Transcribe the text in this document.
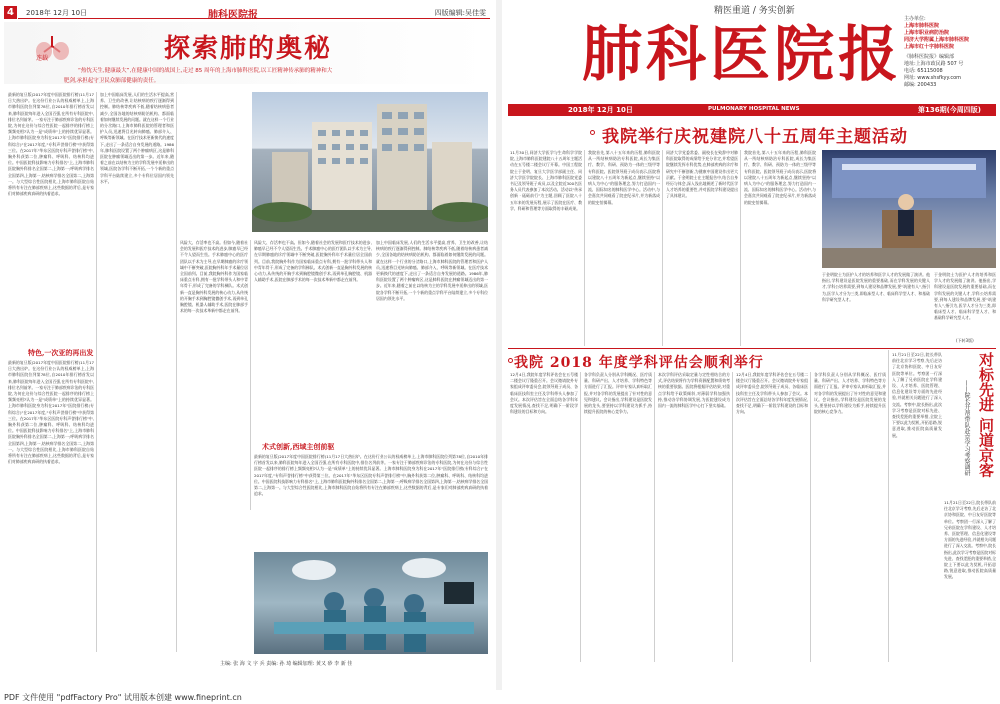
4	2018年 12月 10日	肺科医院报	四版编辑:吴佳雯
连载	探索肺的奥秘
“热忱天生,健康最大”,在健康中国的战国上,走过 85 周年的上海市肺科医院,以工匠精神传承肺的精神和大
肥剑,承担起守卫民众肺部健康的责任。
最新的复旦版(2017年度中国医院排行榜)11月17日大热出炉。在这份行业公认的权威榜单上,上海市肺科医院位列第78位,自2010年排行榜首发以来,肺科医院每年进入全国百强,在所有专科医院中,排位名列前茅。一家专注于肺部疾病诊治的专科医院,为何在这份与综合性医院一起排序的排行榜上频频亮相?认为一是"成绩单"上的持续优异显著。上海市肺科医院身为科在2017年"医院排行榜(专科综合)"在2017年度,"专科声誉排行榜"中获得第三位。在2017年"华东区医院专科声誉排行榜"中,胸外科获第二位,肿瘤科、呼吸科、结核科均进位。中国医院科技影响力专科排名"上,上海市肺科医院胸外科排名全国第二,上海第一;呼吸病学排名全国第四,上海第一,结核病学排名全国第二,上海第一。与大型综合性医院相比,上海市肺科医院自始将所有专注在肺部疾病上,这些数据的背后,是专家们对肺部疾病真研的执着追求。
特色,一次亚的再出发
最新的复旦版(2017年度中国医院排行榜)11月17日大热出炉。在这份行业公认的权威榜单上,上海市肺科医院位列第78位,自2010年排行榜首发以来,肺科医院每年进入全国百强,在所有专科医院中,排位名列前茅。一家专注于肺部疾病诊治的专科医院,为何在这份与综合性医院一起排序的排行榜上频频亮相?认为一是"成绩单"上的持续优异显著。上海市肺科医院身为科在2017年"医院排行榜(专科综合)"在2017年度,"专科声誉排行榜"中获得第三位。在2017年"华东区医院专科声誉排行榜"中,胸外科获第二位,肿瘤科、呼吸科、结核科均进位。中国医院科技影响力专科排名"上,上海市肺科医院胸外科排名全国第二,上海第一;呼吸病学排名全国第四,上海第一,结核病学排名全国第二,上海第一。与大型综合性医院相比,上海市肺科医院自始将所有专注在肺部疾病上,这些数据的背后,是专家们对肺部疾病真研的执着追求。
加上中国临床发展,人们的生活水平提高,营养、卫生的改善,让结核病的疾行逐渐得到控制。肺结核等疾病不低,随着结核病患者减少,全国各地的结核病防治机构、都面临着如何继续发展的问题。就在这样一个行业的分岔路口,上海市肺科医院的管理者和医护人员,迅速将目光转向肺癌、肺部介入、呼吸等新领域。在医疗技术更新换代的速度下,走出了一条适合自身发展的道路。1986年,肺科医院设置了两个肿瘤病区,这是肺科医院在肿瘤领域迈出的第一步。近年来,随着之前在以结核为主的学科发展中延伸出的领域,医院各学科不断开拓,一个个新的重点学科平台陆续建立,多个专科位居国内领先水平。
风险大、存活率也不高。但如今,随着社会的发展和医疗技术的进步,肺癌早已经不令人望而生畏。手术肺癌中心的医疗团队以手术为主导,在早期肺癌的诊疗领域中不断突破,医院胸外科年手术量位居全国前列。目前,我院胸外科作为国家临床重点专科,拥有一批学科带头人和中青年骨干,形成了完备的学科梯队。术式创新一直是胸外科发展的核心动力,从传统的开胸手术到胸腔镜微创手术,再到单孔胸腔镜、机器人辅助手术,医院在肺部手术的每一次技术革新中都走在前列。
风险大、存活率也不高。但如今,随着社会的发展和医疗技术的进步,肺癌早已经不令人望而生畏。手术肺癌中心的医疗团队以手术为主导,在早期肺癌的诊疗领域中不断突破,医院胸外科年手术量位居全国前列。目前,我院胸外科作为国家临床重点专科,拥有一批学科带头人和中青年骨干,形成了完备的学科梯队。术式创新一直是胸外科发展的核心动力,从传统的开胸手术到胸腔镜微创手术,再到单孔胸腔镜、机器人辅助手术,医院在肺部手术的每一次技术革新中都走在前列。
加上中国临床发展,人们的生活水平提高,营养、卫生的改善,让结核病的疾行逐渐得到控制。肺结核等疾病不低,随着结核病患者减少,全国各地的结核病防治机构、都面临着如何继续发展的问题。就在这样一个行业的分岔路口,上海市肺科医院的管理者和医护人员,迅速将目光转向肺癌、肺部介入、呼吸等新领域。在医疗技术更新换代的速度下,走出了一条适合自身发展的道路。1986年,肺科医院设置了两个肿瘤病区,这是肺科医院在肿瘤领域迈出的第一步。近年来,随着之前在以结核为主的学科发展中延伸出的领域,医院各学科不断开拓,一个个新的重点学科平台陆续建立,多个专科位居国内领先水平。
术式创新,西域主创前驱
最新的复旦版(2017年度中国医院排行榜)11月17日大热出炉。在这份行业公认的权威榜单上,上海市肺科医院位列第78位,自2010年排行榜首发以来,肺科医院每年进入全国百强,在所有专科医院中,排位名列前茅。一家专注于肺部疾病诊治的专科医院,为何在这份与综合性医院一起排序的排行榜上频频亮相?认为一是"成绩单"上的持续优异显著。上海市肺科医院身为科在2017年"医院排行榜(专科综合)"在2017年度,"专科声誉排行榜"中获得第三位。在2017年"华东区医院专科声誉排行榜"中,胸外科获第二位,肿瘤科、呼吸科、结核科均进位。中国医院科技影响力专科排名"上,上海市肺科医院胸外科排名全国第二,上海第一;呼吸病学排名全国第四,上海第一,结核病学排名全国第二,上海第一。与大型综合性医院相比,上海市肺科医院自始将所有专注在肺部疾病上,这些数据的背后,是专家们对肺部疾病真研的执着追求。
主编: 张 海 文 字 兵 责编: 孙 琦 编辑加理: 黄又 砂 李 新 佳
精医重道 / 务实创新
肺科医院报
主办单位:
上海市肺科医院
上海市职业病防治院
同济大学附属上海市肺科医院
上海市红十字肺科医院
《肺科医院报》编辑部
地址:上海市政民路 507 号
电话: 65115008
网址: www.shsfkyy.com
邮编: 200433
2018年 12月 10日	PULMONARY HOSPITAL NEWS	第136期(今周四版)
我院举行庆祝建院八十五周年主题活动
11月30日,同济大学医学与生命科学学院院,上海市肺科医院建院八十五周年主题活动在五号楼二楼会议厅开幕。中国工程院院士于金明、复旦大学医学部副主任、同济大学医学院院长、上海市肺科医院党委书记及领导班子成员,以及全院近300名医务人员代表参加了本次活动。活动以"传承创新 · 砥砺前行"为主题,回顾了医院八十五年来的发展历程,展示了医院在医疗、教学、科研和管理等方面取得的丰硕成果。
我院首先,第八十五年来的历程,肺科医院从一所结核病防治专科医院,成长为集医疗、教学、科研、预防为一体的三级甲等专科医院。医院领导班子成员表示,医院将以建院八十五周年为新起点,继续坚持"以病人为中心"的服务理念,努力打造国内一流、国际知名的肺科医学中心。活动中,与会嘉宾共同观看了院史纪录片,并为新落成的院史馆揭幕。
同济大学党委常委、副校长在致辞中对肺科医院取得的成绩给予充分肯定,并希望医院继续发挥专科优势,在肺部疾病的诊疗和研究中不断创新,为健康中国建设作出更大贡献。于金明院士在主题报告中,结合自身经历与体会,深入浅出地阐述了新时代医学人才培养的重要性,并对医院学科建设提出了具体建议。
我院首先,第八十五年来的历程,肺科医院从一所结核病防治专科医院,成长为集医疗、教学、科研、预防为一体的三级甲等专科医院。医院领导班子成员表示,医院将以建院八十五周年为新起点,继续坚持"以病人为中心"的服务理念,努力打造国内一流、国际知名的肺科医学中心。活动中,与会嘉宾共同观看了院史纪录片,并为新落成的院史馆揭幕。
于金明院士为医护人才的培养和医学人才的发展做了演讲。他指出,学科建设是医院发展的重要基础,而在学科发展的关键人才,学科公培养需要,到每人建设和品牌发展,要"筑建有人",指引为,医学人才分为三类,即临床型人才、临床科学型人才、和基础科学研究型人才。
于金明院士为医护人才的培养和医学人才的发展做了演讲。他指出,学科建设是医院发展的重要基础,而在学科发展的关键人才,学科公培养需要,到每人建设和品牌发展,要"筑建有人",指引为,医学人才分为三类,即临床型人才、临床科学型人才、和基础科学研究型人才。
(下转3版)
我院 2018 年度学科评估会顺利举行
12月4日,我院年度学科评估会在五号楼二楼会议厅隆重召开。会议邀请院外专家组成评审委员会,院领导班子成员、各临床医技科室主任及学科带头人参加了会议。本次评估旨在全面总结各学科年度发展情况,查找不足,明确下一阶段学科建设的目标和方向。
各学科负责人分别从学科概况、医疗质量、科研产出、人才培养、学科特色等方面进行了汇报。评审专家认真听取汇报,并对各学科的发展提出了针对性的意见和建议。会议指出,学科建设是医院发展的龙头,要坚持以学科建设为抓手,持续提升医院的核心竞争力。
本次学科评估采取定量与定性相结合的方式,评估结果将作为学科资源配置和绩效考核的重要依据。医院将根据评估结果,对重点学科给予政策倾斜,对薄弱学科加强扶持,推动各学科协调发展,为医院建设成为国内一流的肺科医学中心打下坚实基础。
12月4日,我院年度学科评估会在五号楼二楼会议厅隆重召开。会议邀请院外专家组成评审委员会,院领导班子成员、各临床医技科室主任及学科带头人参加了会议。本次评估旨在全面总结各学科年度发展情况,查找不足,明确下一阶段学科建设的目标和方向。
各学科负责人分别从学科概况、医疗质量、科研产出、人才培养、学科特色等方面进行了汇报。评审专家认真听取汇报,并对各学科的发展提出了针对性的意见和建议。会议指出,学科建设是医院发展的龙头,要坚持以学科建设为抓手,持续提升医院的核心竞争力。
11月21日至22日,院长带队前往北京学习考察,先后走访了北京协和医院、中日友好医院等单位。考察团一行深入了解了兄弟医院在学科建设、人才培养、医院管理、信息化建设等方面的先进经验,并就相关问题进行了深入交流。考察中,院长指出,此次学习考察是医院对标先进、查找差距的重要举措,全院上下要以此为契机,开拓思路,锐意进取,推动医院高质量发展。	对标先进 问道京客
——院长开帮带队赴京学习考察调研
11月21日至22日,院长带队前往北京学习考察,先后走访了北京协和医院、中日友好医院等单位。考察团一行深入了解了兄弟医院在学科建设、人才培养、医院管理、信息化建设等方面的先进经验,并就相关问题进行了深入交流。考察中,院长指出,此次学习考察是医院对标先进、查找差距的重要举措,全院上下要以此为契机,开拓思路,锐意进取,推动医院高质量发展。
PDF 文件使用 "pdfFactory Pro" 试用版本创建 www.fineprint.cn
